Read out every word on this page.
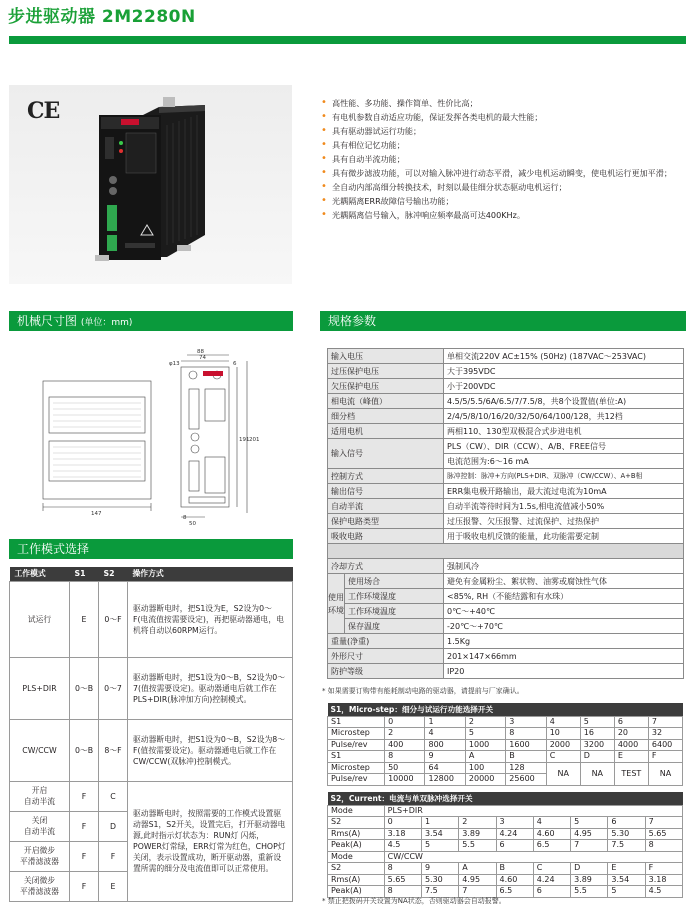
步进驱动器 2M2280N
CE	• 高性能、多功能、操作简单、性价比高；
• 有电机参数自动适应功能，保证发挥各类电机的最大性能；
• 具有驱动器试运行功能；
• 具有相位记忆功能；
• 具有自动半流功能；
• 具有微步滤波功能，可以对输入脉冲进行动态平滑，减少电机运动瞬变，使电机运行更加平滑；
• 全自动内部高细分转换技术，时刻以最佳细分状态驱动电机运行；
• 光耦隔离ERR故障信号输出功能；
• 光耦隔离信号输入，脉冲响应频率最高可达400KHz。
机械尺寸图 (单位：mm)	规格参数
工作模式选择
88
74
φ13	6
191 201
147
50
8
输入电压		单相交流220V AC±15% (50Hz) (187VAC～253VAC)
过压保护电压		大于395VDC
欠压保护电压		小于200VDC
相电流（峰值）		4.5/5/5.5/6A/6.5/7/7.5/8，共8个设置值(单位:A)
细分档		2/4/5/8/10/16/20/32/50/64/100/128，共12档
适用电机		两相110、130型双极混合式步进电机
输入信号		PLS（CW）、DIR（CCW）、A/B、FREE信号
		电流范围为:6～16 mA
控制方式		脉冲控制：脉冲+方向(PLS+DIR、双脉冲（CW/CCW）、A+B相
输出信号		ERR集电极开路输出，最大流过电流为10mA
自动半流		自动半流等待时间为1.5s,相电流值减小50%
保护电路类型		过压报警、欠压报警、过流保护、过热保护
吸收电路		用于吸收电机反馈的能量，此功能需要定制

冷却方式		强制风冷
使用环境	使用场合	避免有金属粉尘、絮状物、油雾或腐蚀性气体
	工作环境湿度	<85%, RH（不能结露和有水珠）
	工作环境温度	0℃～+40℃
	保存温度	-20℃～+70℃
重量(净重)		1.5Kg
外形尺寸		201×147×66mm
防护等级		IP20
* 如果需要订购带有能耗制动电路的驱动器，请提前与厂家确认。
S1，Micro-step：细分与试运行功能选择开关								
S1	0	1	2	3	4	5	6	7
Microstep	2	4	5	8	10	16	20	32
Pulse/rev	400	800	1000	1600	2000	3200	4000	6400
S1	8	9	A	B	C	D	E	F
Microstep	50	64	100	128	NA	NA	TEST	NA
Pulse/rev	10000	12800	20000	25600				
S2，Current：电流与单双脉冲选择开关								
Mode	PLS+DIR							
S2	0	1	2	3	4	5	6	7
Rms(A)	3.18	3.54	3.89	4.24	4.60	4.95	5.30	5.65
Peak(A)	4.5	5	5.5	6	6.5	7	7.5	8
Mode	CW/CCW							
S2	8	9	A	B	C	D	E	F
Rms(A)	5.65	5.30	4.95	4.60	4.24	3.89	3.54	3.18
Peak(A)	8	7.5	7	6.5	6	5.5	5	4.5
* 禁止把拨码开关设置为NA状态，否则驱动器会自动报警。
工作模式	S1	S2	操作方式
试运行	E	0～F	驱动器断电时，把S1设为E，S2设为0～F(电流值按需要设定)，再把驱动器通电，电机将自动以60RPM运行。
PLS+DIR	0～B	0～7	驱动器断电时，把S1设为0～B，S2设为0～7(值按需要设定)。驱动器通电后就工作在PLS+DIR(脉冲加方向)控制模式。
CW/CCW	0～B	8～F	驱动器断电时，把S1设为0～B，S2设为8～F(值按需要设定)。驱动器通电后就工作在CW/CCW(双脉冲)控制模式。
开启
自动半流	F	C	驱动器断电时，按照需要的工作模式设置驱动器S1，S2开关，设置完后，打开驱动器电源,此时指示灯状态为：RUN灯 闪烁，POWER灯常绿，ERR灯常为红色，CHOP灯关闭，表示设置成功，断开驱动器，重新设置所需的细分及电流值即可以正常使用。
关闭
自动半流	F	D	
开启微步
平滑滤波器	F	F	
关闭微步
平滑滤波器	F	E	
